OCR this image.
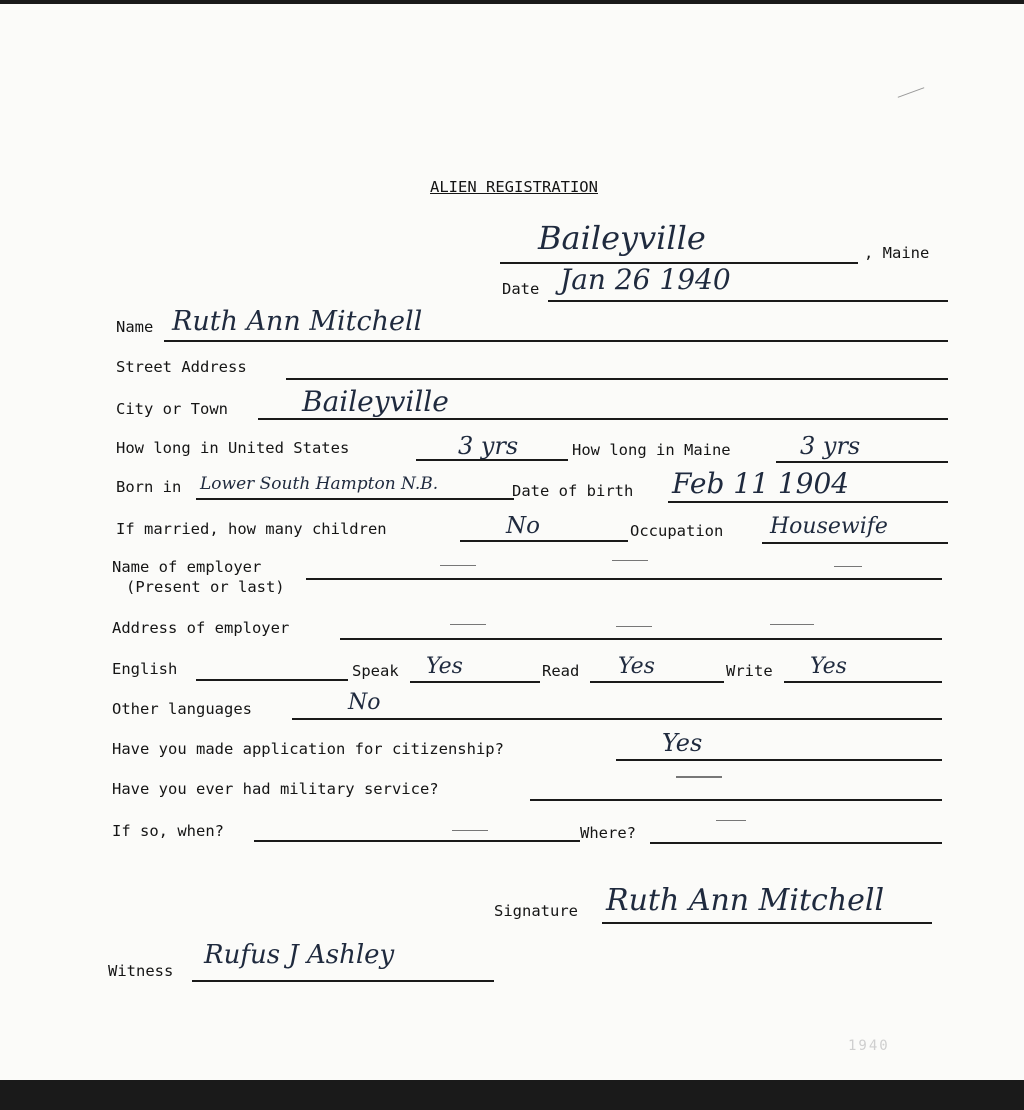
ALIEN REGISTRATION
Baileyville	, Maine
Date Jan 26 1940
Name Ruth Ann Mitchell
Street Address
City or Town	Baileyville
How long in United States	3 yrs	How long in Maine	3 yrs
Born in Lower South Hampton N.B.	Date of birth Feb 11 1904
If married, how many children	No	Occupation Housewife
Name of employer
(Present or last)
Address of employer
English	Speak Yes	Read Yes	Write Yes
Other languages	No
Have you made application for citizenship?	Yes
Have you ever had military service?
If so, when?	Where?
Signature Ruth Ann Mitchell
Witness
Rufus J Ashley
1940
